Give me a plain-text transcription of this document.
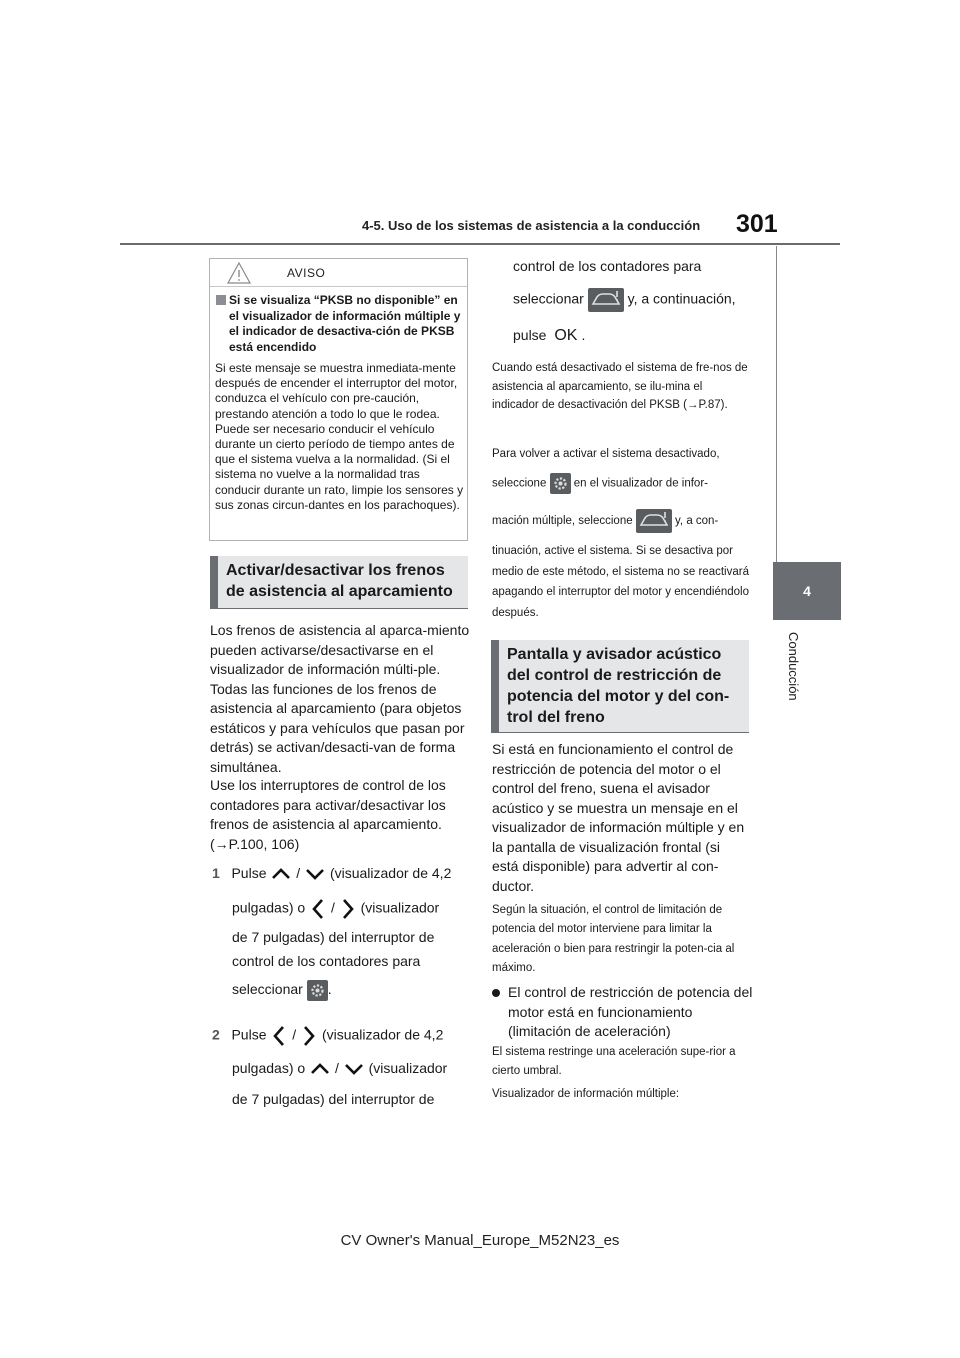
4-5. Uso de los sistemas de asistencia a la conducción 301
4
Conducción
AVISO
Si se visualiza “PKSB no disponible” en el visualizador de información múltiple y el indicador de desactiva-ción de PKSB está encendido
Si este mensaje se muestra inmediata-mente después de encender el interruptor del motor, conduzca el vehículo con pre-caución, prestando atención a todo lo que le rodea. Puede ser necesario conducir el vehículo durante un cierto período de tiempo antes de que el sistema vuelva a la normalidad. (Si el sistema no vuelve a la normalidad tras conducir durante un rato, limpie los sensores y sus zonas circun-dantes en los parachoques).
Activar/desactivar los frenos de asistencia al aparcamiento
Los frenos de asistencia al aparca-miento pueden activarse/desactivarse en el visualizador de información múlti-ple. Todas las funciones de los frenos de asistencia al aparcamiento (para objetos estáticos y para vehículos que pasan por detrás) se activan/desacti-van de forma simultánea.
Use los interruptores de control de los contadores para activar/desactivar los frenos de asistencia al aparcamiento.
(→P.100, 106)
1 Pulse / (visualizador de 4,2
pulgadas) o / (visualizador
de 7 pulgadas) del interruptor de
control de los contadores para
seleccionar .
2 Pulse / (visualizador de 4,2
pulgadas) o / (visualizador
de 7 pulgadas) del interruptor de
control de los contadores para
seleccionar	y, a continuación,
pulse OK .
Cuando está desactivado el sistema de fre-nos de asistencia al aparcamiento, se ilu-mina el indicador de desactivación del PKSB (→P.87).
Para volver a activar el sistema desactivado,
seleccione en el visualizador de infor-
mación múltiple, seleccione	y, a con-
tinuación, active el sistema. Si se desactiva por medio de este método, el sistema no se reactivará apagando el interruptor del motor y encendiéndolo después.
Pantalla y avisador acústico del control de restricción de potencia del motor y del con-trol del freno
Si está en funcionamiento el control de restricción de potencia del motor o el control del freno, suena el avisador acústico y se muestra un mensaje en el visualizador de información múltiple y en la pantalla de visualización frontal (si está disponible) para advertir al con-ductor.
Según la situación, el control de limitación de potencia del motor interviene para limitar la aceleración o bien para restringir la poten-cia al máximo.
El control de restricción de potencia del motor está en funcionamiento (limitación de aceleración)
El sistema restringe una aceleración supe-rior a cierto umbral.
Visualizador de información múltiple:
CV Owner's Manual_Europe_M52N23_es
